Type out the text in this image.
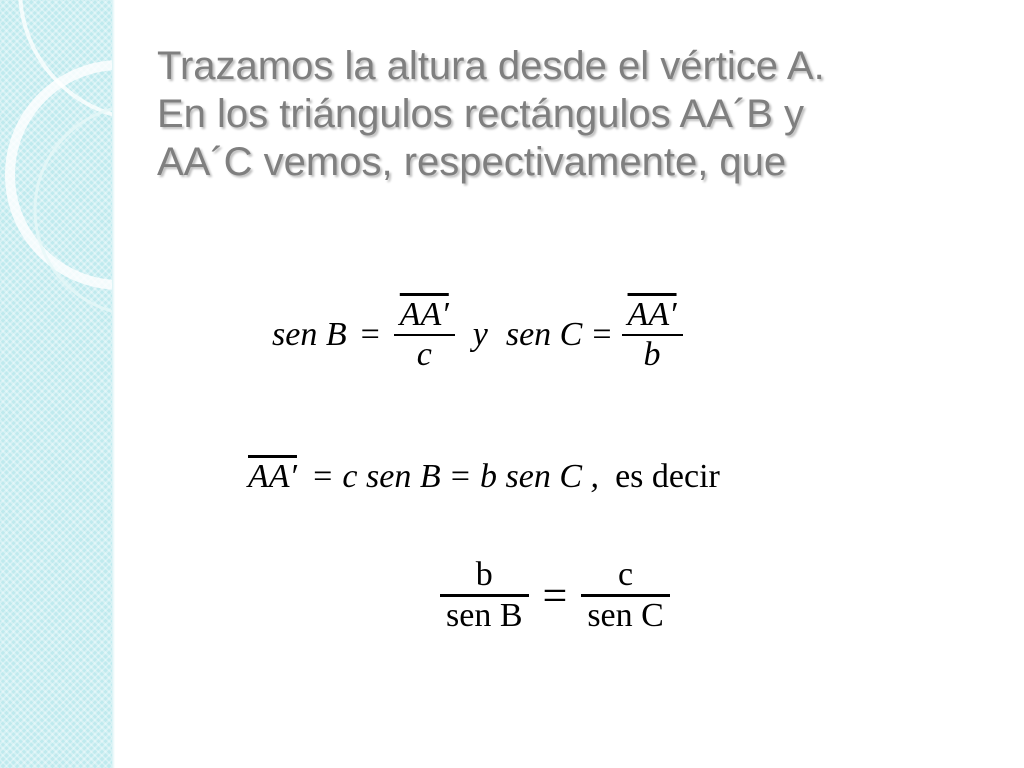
Trazamos la altura desde el vértice A.
En los triángulos rectángulos AA´B y
AA´C vemos, respectivamente, que
sen $B = \frac{AA'}{c}$ y sen $C = \frac{AA'}{b}$
AA′ = c sen B = b sen C , es decir
$\frac{b}{\text{sen B}} = \frac{c}{\text{sen C}}$
